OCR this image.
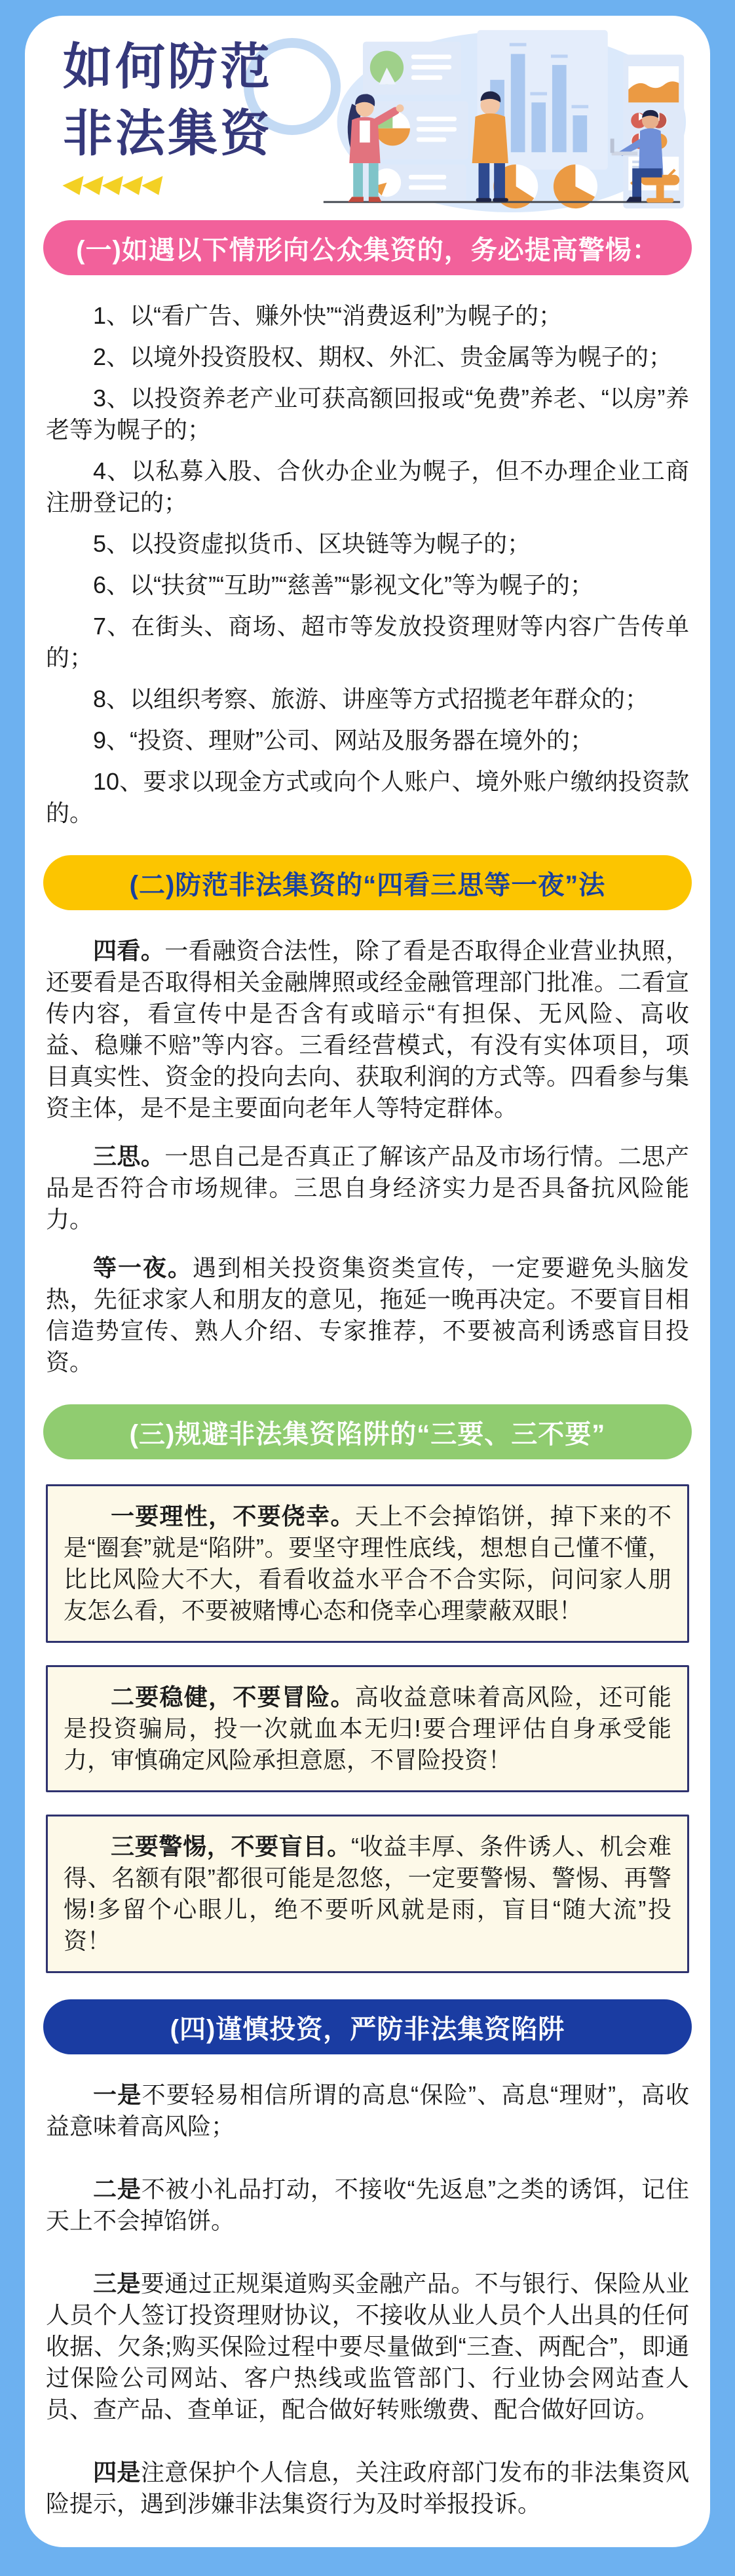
如何防范
非法集资
◀◀◀◀◀
(一)如遇以下情形向公众集资的，务必提高警惕：

1、以“看广告、赚外快”“消费返利”为幌子的；

2、以境外投资股权、期权、外汇、贵金属等为幌子的；

3、以投资养老产业可获高额回报或“免费”养老、“以房”养老等为幌子的；

4、以私募入股、合伙办企业为幌子，但不办理企业工商注册登记的；

5、以投资虚拟货币、区块链等为幌子的；

6、以“扶贫”“互助”“慈善”“影视文化”等为幌子的；

7、在街头、商场、超市等发放投资理财等内容广告传单的；

8、以组织考察、旅游、讲座等方式招揽老年群众的；

9、“投资、理财”公司、网站及服务器在境外的；

10、要求以现金方式或向个人账户、境外账户缴纳投资款的。

(二)防范非法集资的“四看三思等一夜”法

四看。一看融资合法性，除了看是否取得企业营业执照，还要看是否取得相关金融牌照或经金融管理部门批准。二看宣传内容，看宣传中是否含有或暗示“有担保、无风险、高收益、稳赚不赔”等内容。三看经营模式，有没有实体项目，项目真实性、资金的投向去向、获取利润的方式等。四看参与集资主体，是不是主要面向老年人等特定群体。

三思。一思自己是否真正了解该产品及市场行情。二思产品是否符合市场规律。三思自身经济实力是否具备抗风险能力。

等一夜。遇到相关投资集资类宣传，一定要避免头脑发热，先征求家人和朋友的意见，拖延一晚再决定。不要盲目相信造势宣传、熟人介绍、专家推荐，不要被高利诱惑盲目投资。

(三)规避非法集资陷阱的“三要、三不要”

一要理性，不要侥幸。天上不会掉馅饼，掉下来的不是“圈套”就是“陷阱”。要坚守理性底线，想想自己懂不懂，比比风险大不大，看看收益水平合不合实际，问问家人朋友怎么看，不要被赌博心态和侥幸心理蒙蔽双眼！

二要稳健，不要冒险。高收益意味着高风险，还可能是投资骗局，投一次就血本无归!要合理评估自身承受能力，审慎确定风险承担意愿，不冒险投资！

三要警惕，不要盲目。“收益丰厚、条件诱人、机会难得、名额有限”都很可能是忽悠，一定要警惕、警惕、再警惕!多留个心眼儿，绝不要听风就是雨，盲目“随大流”投资！

(四)谨慎投资，严防非法集资陷阱

一是不要轻易相信所谓的高息“保险”、高息“理财”，高收益意味着高风险；

二是不被小礼品打动，不接收“先返息”之类的诱饵，记住天上不会掉馅饼。

三是要通过正规渠道购买金融产品。不与银行、保险从业人员个人签订投资理财协议，不接收从业人员个人出具的任何收据、欠条;购买保险过程中要尽量做到“三查、两配合”，即通过保险公司网站、客户热线或监管部门、行业协会网站查人员、查产品、查单证，配合做好转账缴费、配合做好回访。

四是注意保护个人信息，关注政府部门发布的非法集资风险提示，遇到涉嫌非法集资行为及时举报投诉。
